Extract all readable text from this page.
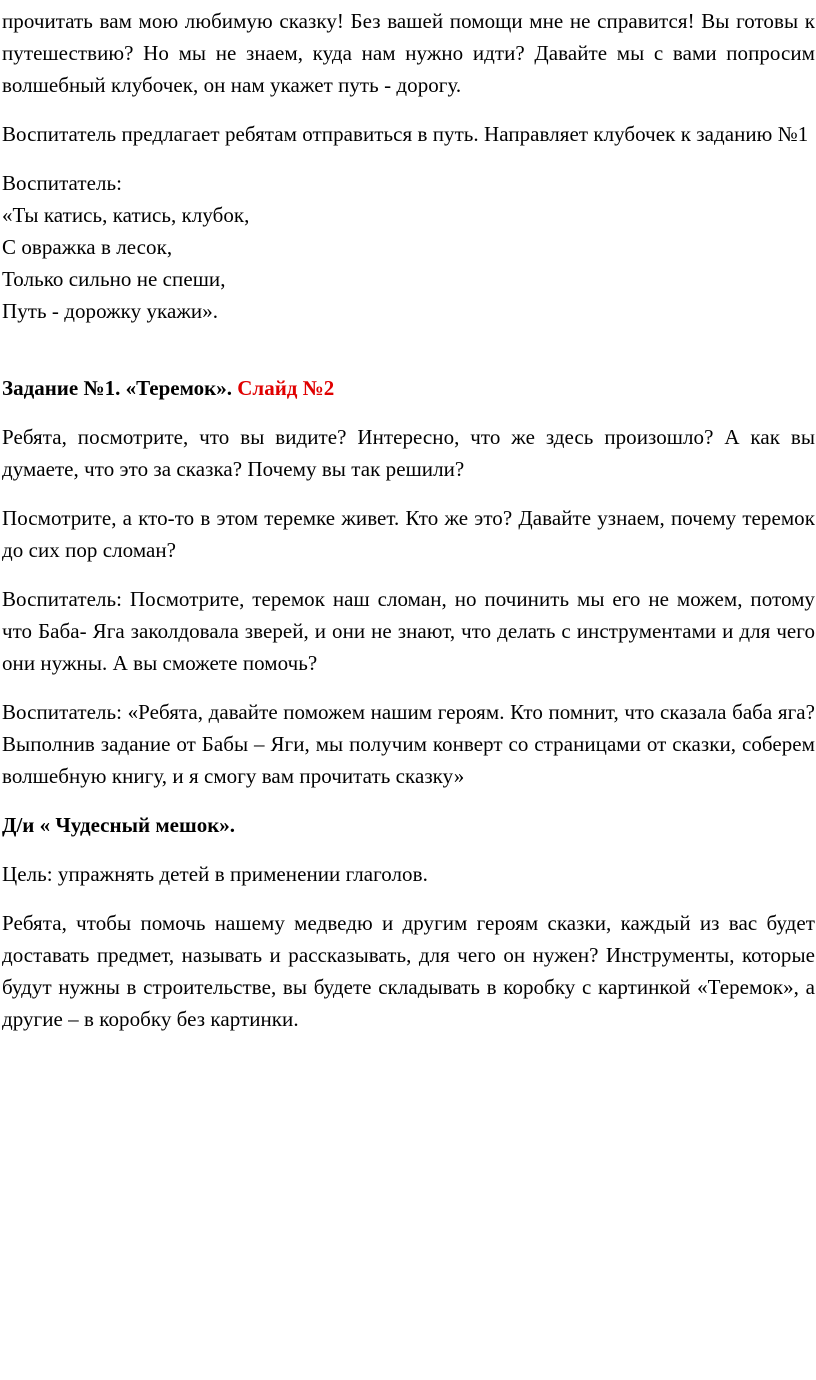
прочитать вам мою любимую сказку! Без вашей помощи мне не справится! Вы готовы к путешествию? Но мы не знаем, куда нам нужно идти? Давайте мы с вами попросим волшебный клубочек, он нам укажет путь - дорогу.

Воспитатель предлагает ребятам отправиться в путь. Направляет клубочек к заданию №1

Воспитатель:
«Ты катись, катись, клубок,
С овражка в лесок,
Только сильно не спеши,
Путь - дорожку укажи».

Задание №1. «Теремок». Слайд №2

Ребята, посмотрите, что вы видите? Интересно, что же здесь произошло? А как вы думаете, что это за сказка? Почему вы так решили?

Посмотрите, а кто-то в этом теремке живет. Кто же это? Давайте узнаем, почему теремок до сих пор сломан?

Воспитатель: Посмотрите, теремок наш сломан, но починить мы его не можем, потому что Баба- Яга заколдовала зверей, и они не знают, что делать с инструментами и для чего они нужны. А вы сможете помочь?

Воспитатель: «Ребята, давайте поможем нашим героям. Кто помнит, что сказала баба яга? Выполнив задание от Бабы – Яги, мы получим конверт со страницами от сказки, соберем волшебную книгу, и я смогу вам прочитать сказку»

Д/и « Чудесный мешок».

Цель: упражнять детей в применении глаголов.

Ребята, чтобы помочь нашему медведю и другим героям сказки, каждый из вас будет доставать предмет, называть и рассказывать, для чего он нужен? Инструменты, которые будут нужны в строительстве, вы будете складывать в коробку с картинкой «Теремок», а другие – в коробку без картинки.
